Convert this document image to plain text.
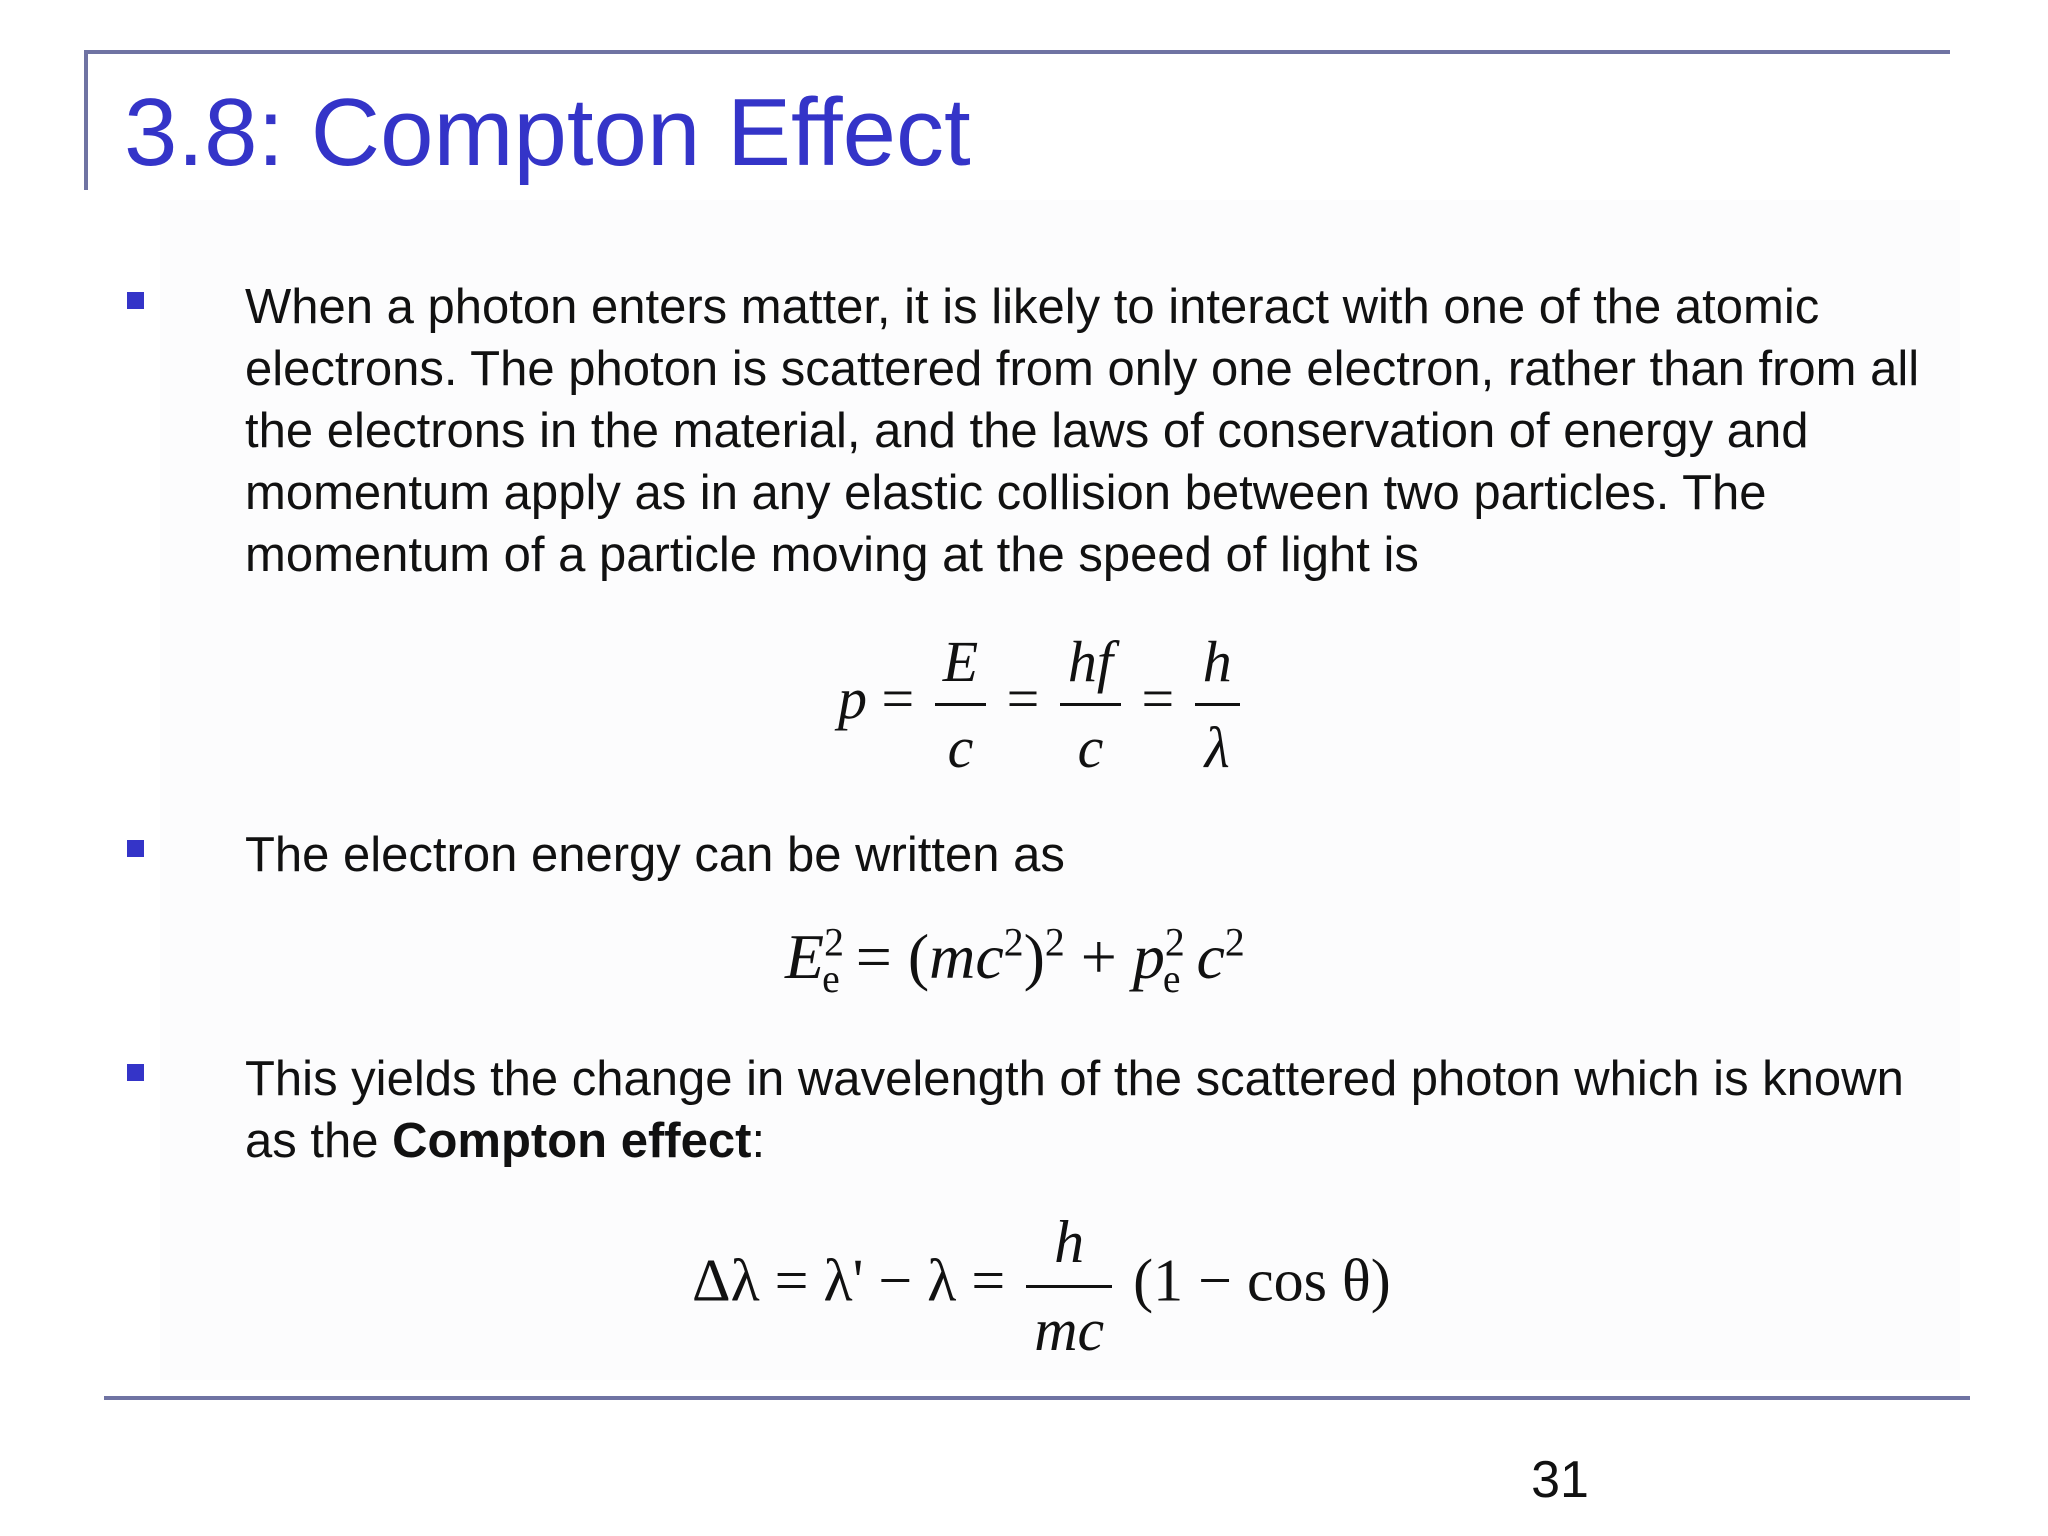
3.8: Compton Effect
When a photon enters matter, it is likely to interact with one of the atomic electrons. The photon is scattered from only one electron, rather than from all the electrons in the material, and the laws of conservation of energy and momentum apply as in any elastic collision between two particles. The momentum of a particle moving at the speed of light is
$p = \frac{E}{c} = \frac{hf}{c} = \frac{h}{\lambda}$
The electron energy can be written as
$E^2_e = (mc^2)^2 + p^2_e$ $c^2$
This yields the change in wavelength of the scattered photon which is known as the Compton effect:
$\Delta\lambda = \lambda' - \lambda = \frac{h}{mc} (1 - \cos \theta)$
31
